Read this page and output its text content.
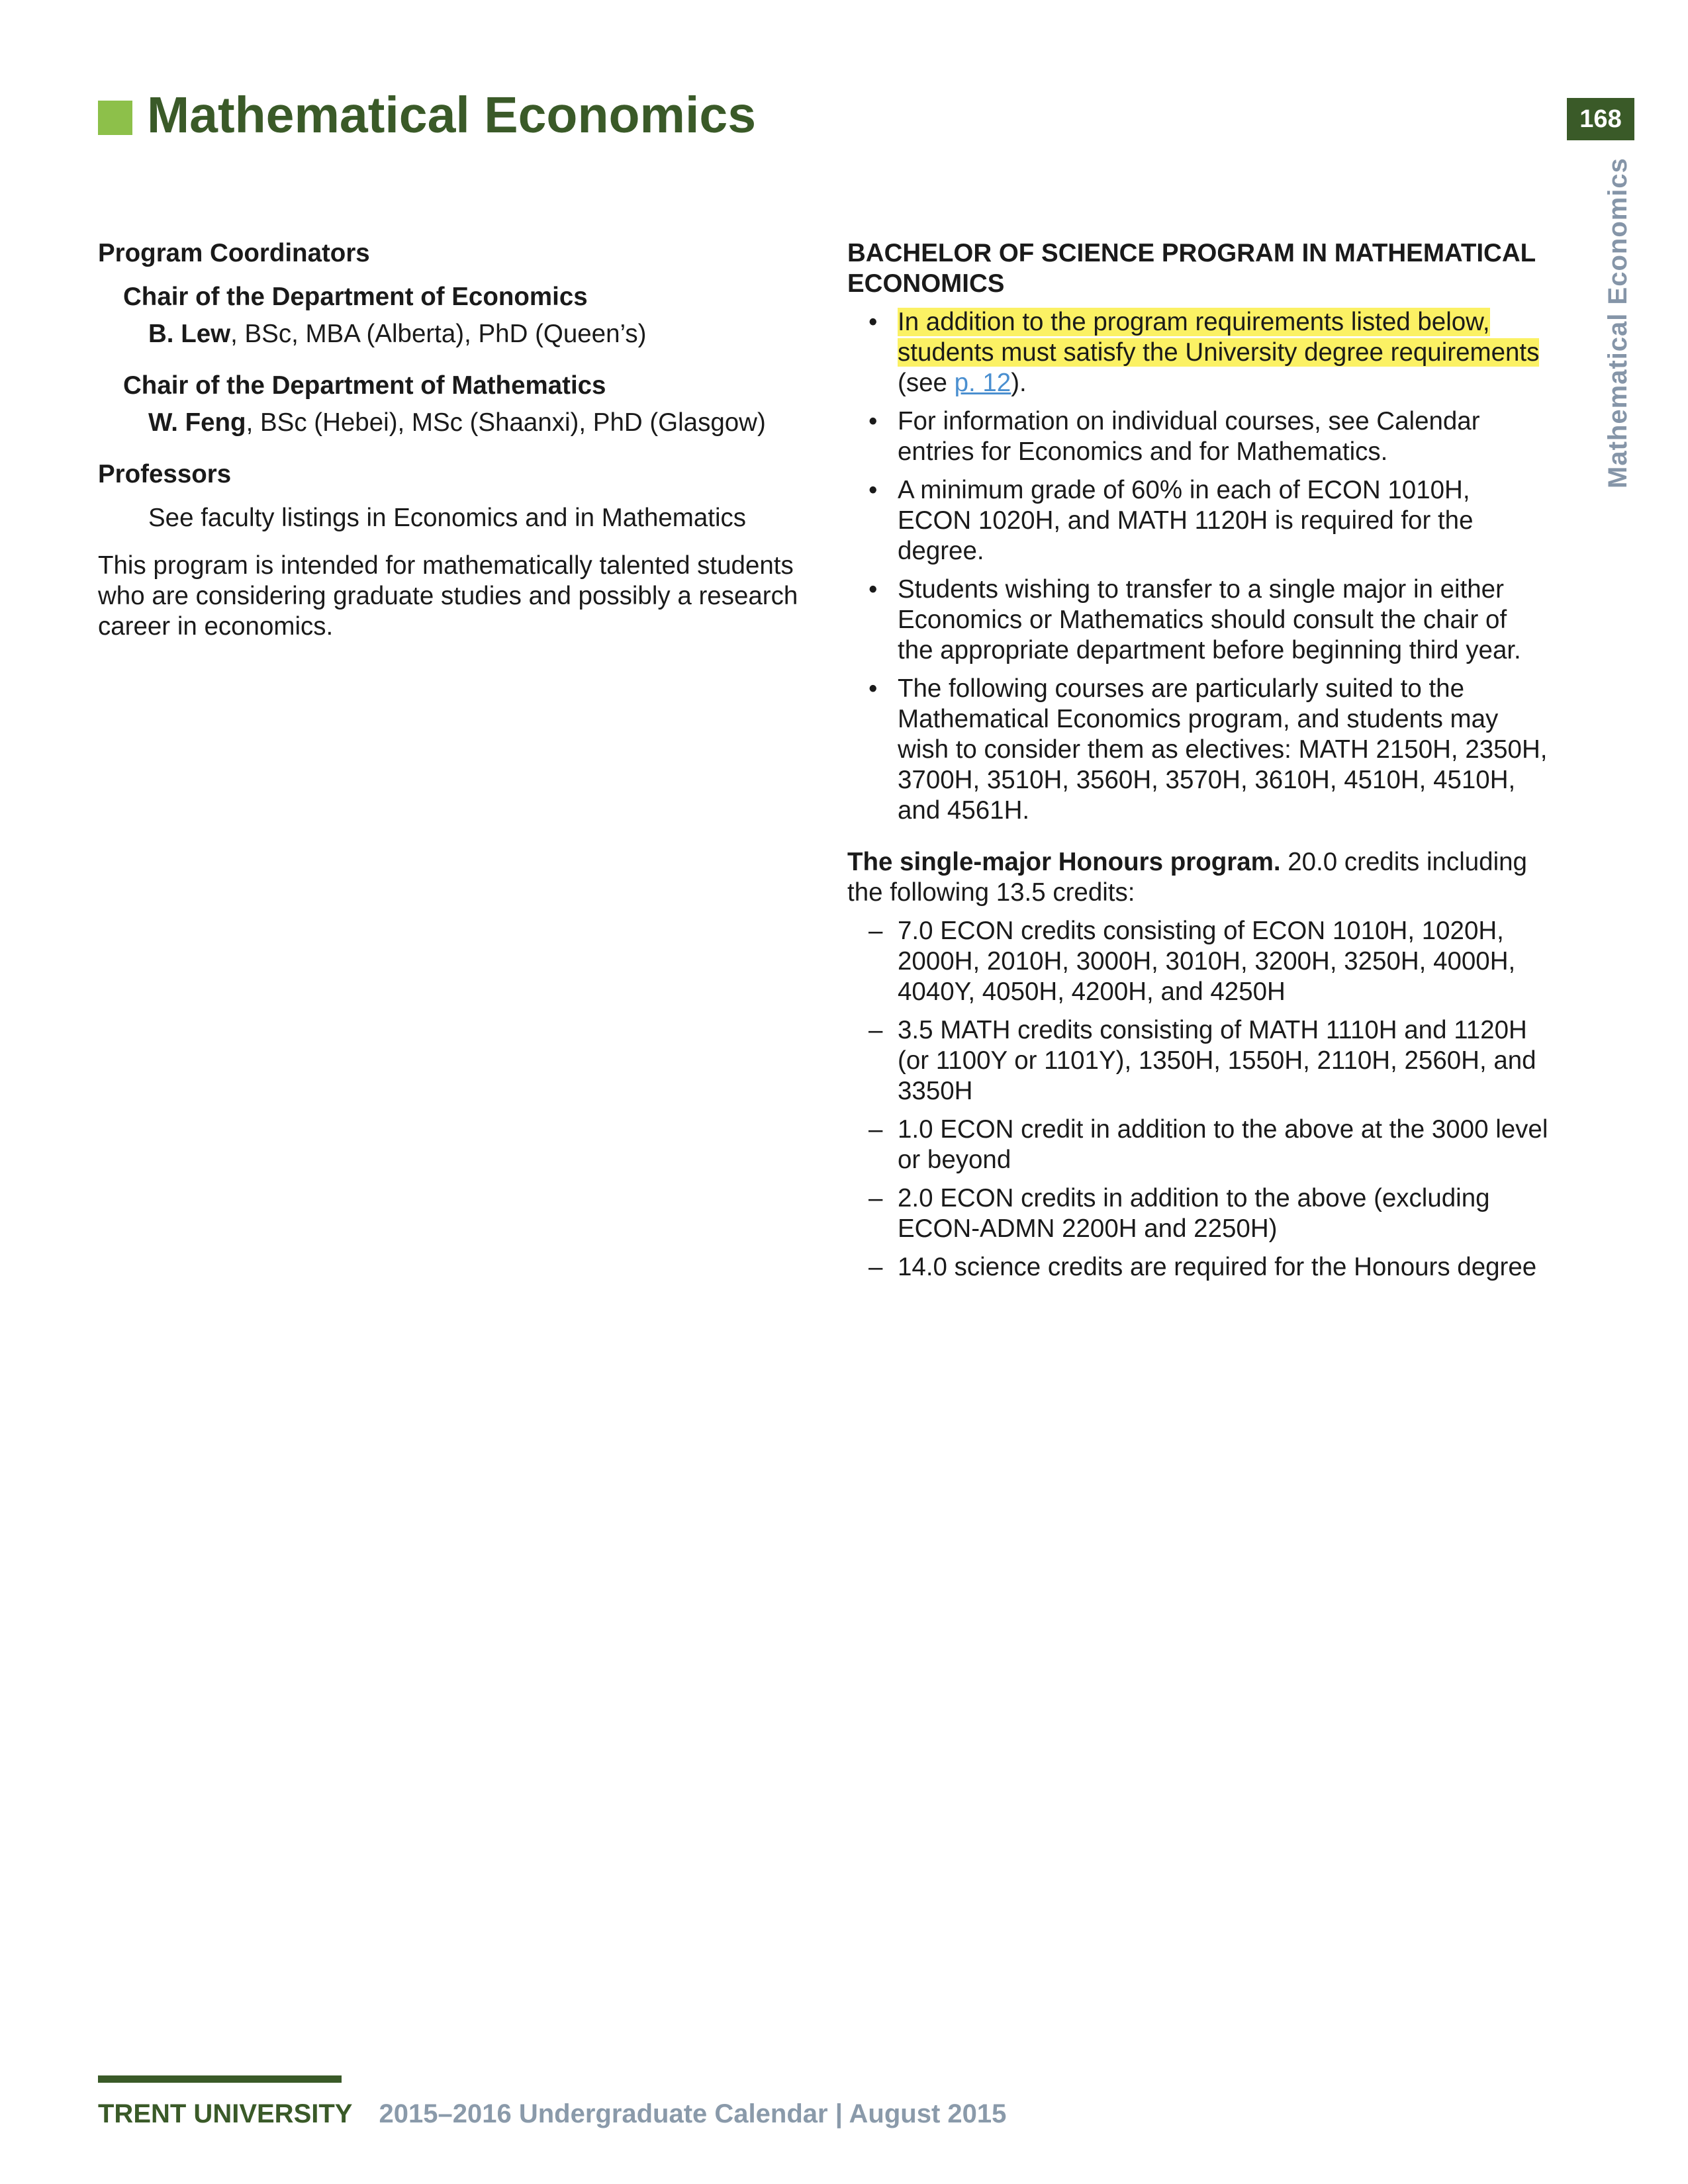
Mathematical Economics	168
Mathematical Economics

Program Coordinators

Chair of the Department of Economics

B. Lew, BSc, MBA (Alberta), PhD (Queen’s)

Chair of the Department of Mathematics

W. Feng, BSc (Hebei), MSc (Shaanxi), PhD (Glasgow)

Professors

See faculty listings in Economics and in Mathematics

This program is intended for mathematically talented students who are considering graduate studies and possibly a research career in economics.

BACHELOR OF SCIENCE PROGRAM IN MATHEMATICAL ECONOMICS

• In addition to the program requirements listed below, students must satisfy the University degree requirements (see p. 12).
• For information on individual courses, see Calendar entries for Economics and for Mathematics.
• A minimum grade of 60% in each of ECON 1010H, ECON 1020H, and MATH 1120H is required for the degree.
• Students wishing to transfer to a single major in either Economics or Mathematics should consult the chair of the appropriate department before beginning third year.
• The following courses are particularly suited to the Mathematical Economics program, and students may wish to consider them as electives: MATH 2150H, 2350H, 3700H, 3510H, 3560H, 3570H, 3610H, 4510H, 4510H, and 4561H.

The single-major Honours program. 20.0 credits including the following 13.5 credits:

– 7.0 ECON credits consisting of ECON 1010H, 1020H, 2000H, 2010H, 3000H, 3010H, 3200H, 3250H, 4000H, 4040Y, 4050H, 4200H, and 4250H
– 3.5 MATH credits consisting of MATH 1110H and 1120H (or 1100Y or 1101Y), 1350H, 1550H, 2110H, 2560H, and 3350H
– 1.0 ECON credit in addition to the above at the 3000 level or beyond
– 2.0 ECON credits in addition to the above (excluding ECON-ADMN 2200H and 2250H)
– 14.0 science credits are required for the Honours degree
TRENT UNIVERSITY 2015–2016 Undergraduate Calendar | August 2015
